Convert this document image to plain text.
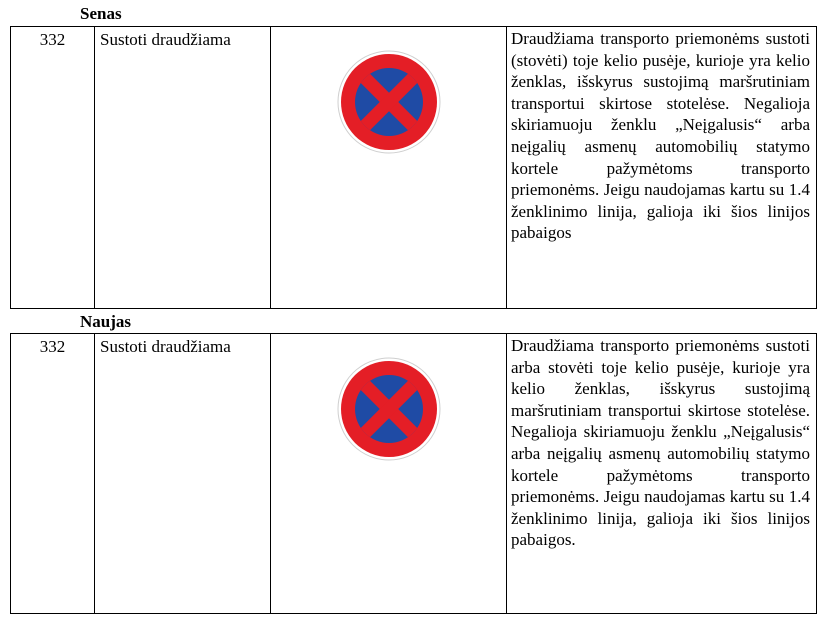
Senas
332	Sustoti draudžiama		Draudžiama transporto priemonėms sustoti (stovėti) toje kelio pusėje, kurioje yra kelio ženklas, išskyrus sustojimą maršrutiniam transportui skirtose stotelėse. Negalioja skiriamuoju ženklu „Neįgalusis“ arba neįgalių asmenų automobilių statymo kortele pažymėtoms transporto priemonėms. Jeigu naudojamas kartu su 1.4 ženklinimo linija, galioja iki šios linijos pabaigos
Naujas
332	Sustoti draudžiama		Draudžiama transporto priemonėms sustoti arba stovėti toje kelio pusėje, kurioje yra kelio ženklas, išskyrus sustojimą maršrutiniam transportui skirtose stotelėse. Negalioja skiriamuoju ženklu „Neįgalusis“ arba neįgalių asmenų automobilių statymo kortele pažymėtoms transporto priemonėms. Jeigu naudojamas kartu su 1.4 ženklinimo linija, galioja iki šios linijos pabaigos.
